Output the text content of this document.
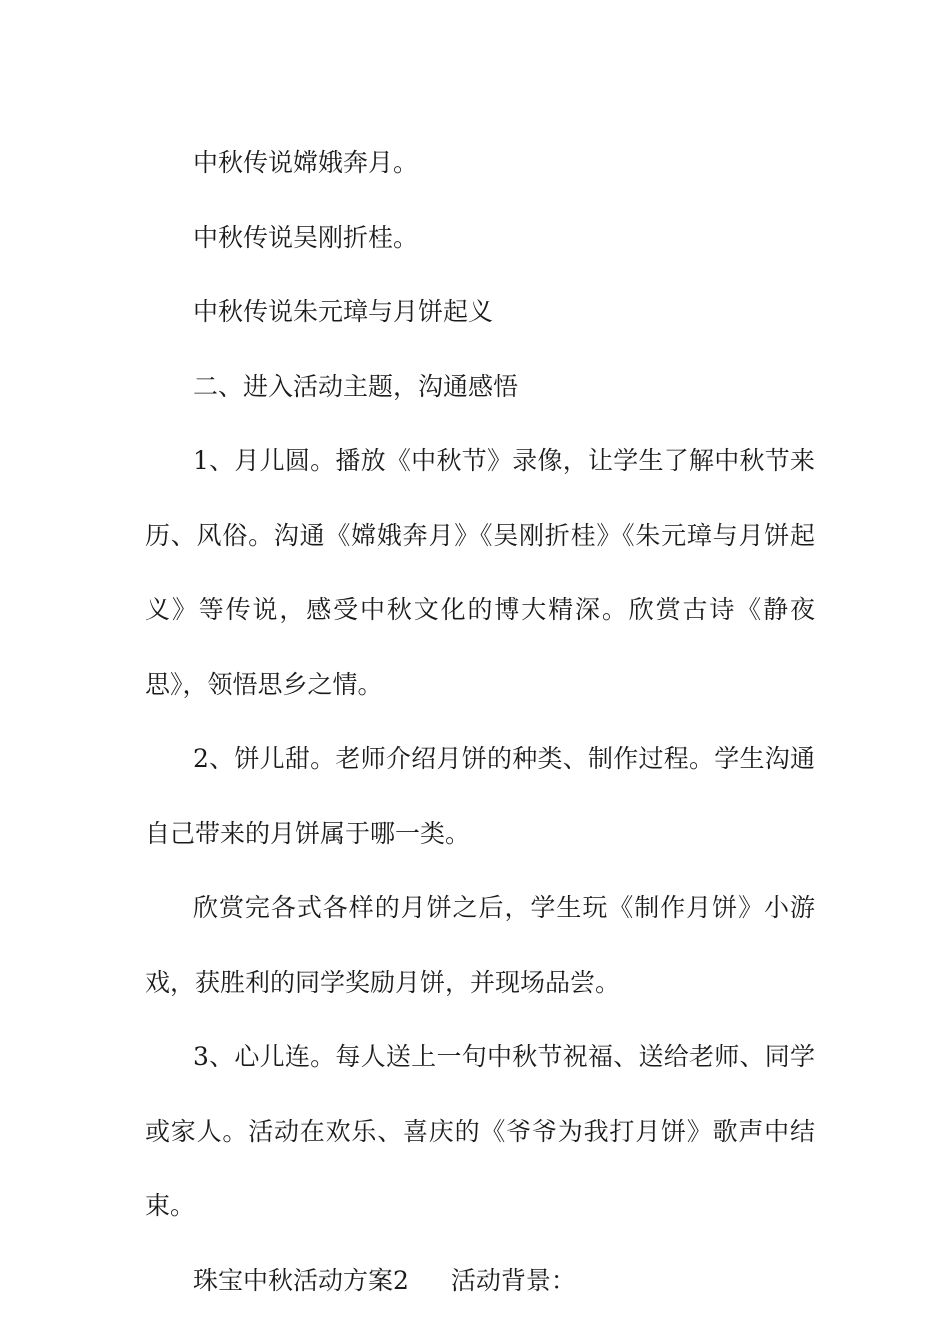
中秋传说嫦娥奔月。

中秋传说吴刚折桂。

中秋传说朱元璋与月饼起义

二、进入活动主题，沟通感悟

1、月儿圆。播放《中秋节》录像，让学生了解中秋节来历、风俗。沟通《嫦娥奔月》《吴刚折桂》《朱元璋与月饼起义》等传说，感受中秋文化的博大精深。欣赏古诗《静夜思》，领悟思乡之情。

2、饼儿甜。老师介绍月饼的种类、制作过程。学生沟通自己带来的月饼属于哪一类。

欣赏完各式各样的月饼之后，学生玩《制作月饼》小游戏，获胜利的同学奖励月饼，并现场品尝。

3、心儿连。每人送上一句中秋节祝福、送给老师、同学或家人。活动在欢乐、喜庆的《爷爷为我打月饼》歌声中结束。

珠宝中秋活动方案2 活动背景：
